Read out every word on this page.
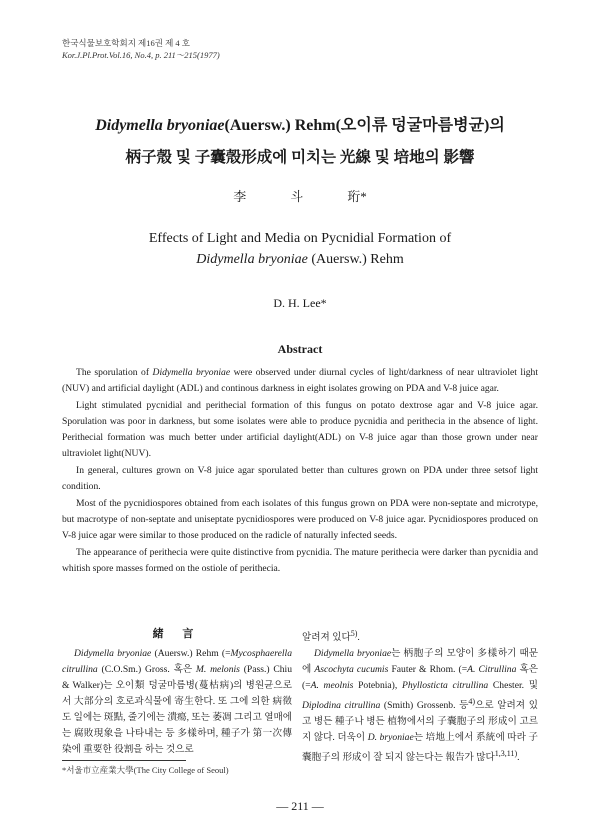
한국식물보호학회지 제16권 제 4 호
Kor.J.Pl.Prot.Vol.16, No.4, p. 211～215(1977)
Didymella bryoniae(Auersw.) Rehm(오이류 덩굴마름병균)의
柄子殼 및 子囊殼形成에 미치는 光線 및 培地의 影響
李	斗	珩*
Effects of Light and Media on Pycnidial Formation of
Didymella bryoniae (Auersw.) Rehm
D. H. Lee*
Abstract

The sporulation of Didymella bryoniae were observed under diurnal cycles of light/darkness of near ultraviolet light (NUV) and artificial daylight (ADL) and continous darkness in eight isolates growing on PDA and V-8 juice agar.

Light stimulated pycnidial and perithecial formation of this fungus on potato dextrose agar and V-8 juice agar. Sporulation was poor in darkness, but some isolates were able to produce pycnidia and perithecia in the absence of light. Perithecial formation was much better under artificial daylight(ADL) on V-8 juice agar than those grown under near ultraviolet light(NUV).

In general, cultures grown on V-8 juice agar sporulated better than cultures grown on PDA under three setsof light condition.

Most of the pycnidiospores obtained from each isolates of this fungus grown on PDA were non-septate and microtype, but macrotype of non-septate and uniseptate pycnidiospores were produced on V-8 juice agar. Pycnidiospores produced on V-8 juice agar were similar to those produced on the radicle of naturally infected seeds.

The appearance of perithecia were quite distinctive from pycnidia. The mature perithecia were darker than pycnidia and whitish spore masses formed on the ostiole of perithecia.

緒 言

Didymella bryoniae (Auersw.) Rehm (=Mycosphaerella citrullina (C.O.Sm.) Gross. 혹은 M. melonis (Pass.) Chiu & Walker)는 오이類 덩굴마름병(蔓枯病)의 병원균으로서 大部分의 호로과식물에 寄生한다. 또 그에 의한 病徵도 일에는 斑點, 줄기에는 潰瘍, 또는 萎凋 그리고 열매에는 腐敗現象을 나타내는 등 多樣하며, 種子가 第一次傳染에 重要한 役割을 하는 것으로

알려져 있다$^{5)}$.

Didymella bryoniae는 柄胞子의 모양이 多樣하기 때문에 Ascochyta cucumis Fauter & Rhom. (=A. Citrullina 혹은 (=A. meolnis Potebnia), Phyllosticta citrullina Chester. 및 Diplodina citrullina (Smith) Grossenb. 등$^{4)}$으로 알려져 있고 병든 種子나 병든 植物에서의 子囊胞子의 形成이 고르지 않다. 더욱이 D. bryoniae는 培地上에서 系統에 따라 子囊胞子의 形成이 잘 되지 않는다는 報告가 많다$^{1,3,11)}$.

*서울市立産業大學(The City College of Seoul)
— 211 —
